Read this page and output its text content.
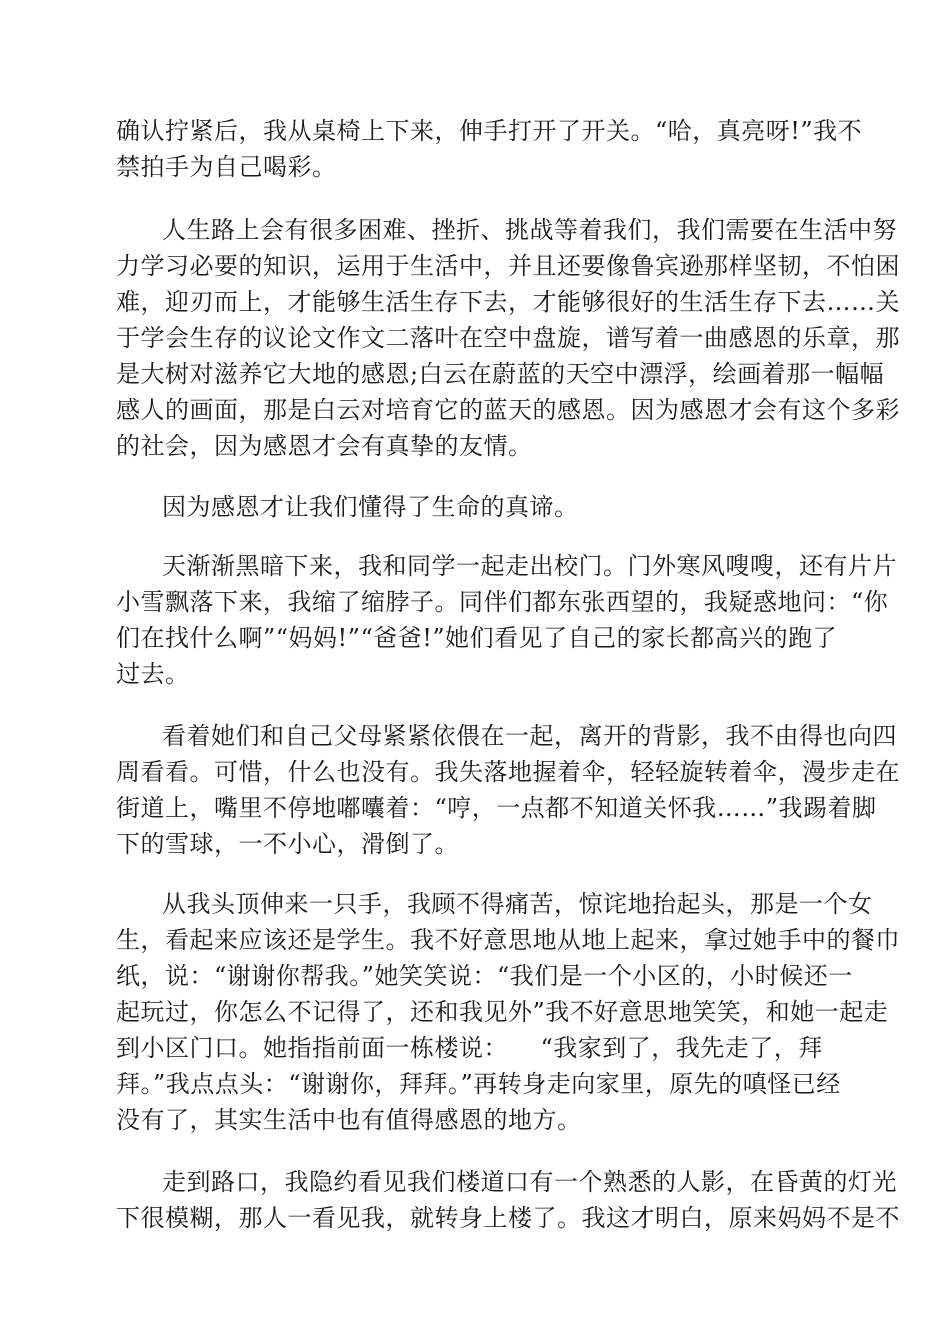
确认拧紧后，我从桌椅上下来，伸手打开了开关。“哈，真亮呀!”我不
禁拍手为自己喝彩。
人生路上会有很多困难、挫折、挑战等着我们，我们需要在生活中努
力学习必要的知识，运用于生活中，并且还要像鲁宾逊那样坚韧，不怕困
难，迎刃而上，才能够生活生存下去，才能够很好的生活生存下去……关
于学会生存的议论文作文二落叶在空中盘旋，谱写着一曲感恩的乐章，那
是大树对滋养它大地的感恩;白云在蔚蓝的天空中漂浮，绘画着那一幅幅
感人的画面，那是白云对培育它的蓝天的感恩。因为感恩才会有这个多彩
的社会，因为感恩才会有真挚的友情。
因为感恩才让我们懂得了生命的真谛。
天渐渐黑暗下来，我和同学一起走出校门。门外寒风嗖嗖，还有片片
小雪飘落下来，我缩了缩脖子。同伴们都东张西望的，我疑惑地问：“你
们在找什么啊”“妈妈!”“爸爸!”她们看见了自己的家长都高兴的跑了
过去。
看着她们和自己父母紧紧依偎在一起，离开的背影，我不由得也向四
周看看。可惜，什么也没有。我失落地握着伞，轻轻旋转着伞，漫步走在
街道上，嘴里不停地嘟囔着：“哼，一点都不知道关怀我……”我踢着脚
下的雪球，一不小心，滑倒了。
从我头顶伸来一只手，我顾不得痛苦，惊诧地抬起头，那是一个女
生，看起来应该还是学生。我不好意思地从地上起来，拿过她手中的餐巾
纸，说：“谢谢你帮我。”她笑笑说：“我们是一个小区的，小时候还一
起玩过，你怎么不记得了，还和我见外”我不好意思地笑笑，和她一起走
到小区门口。她指指前面一栋楼说：    “我家到了，我先走了，拜
拜。”我点点头：“谢谢你，拜拜。”再转身走向家里，原先的嗔怪已经
没有了，其实生活中也有值得感恩的地方。
走到路口，我隐约看见我们楼道口有一个熟悉的人影，在昏黄的灯光
下很模糊，那人一看见我，就转身上楼了。我这才明白，原来妈妈不是不
